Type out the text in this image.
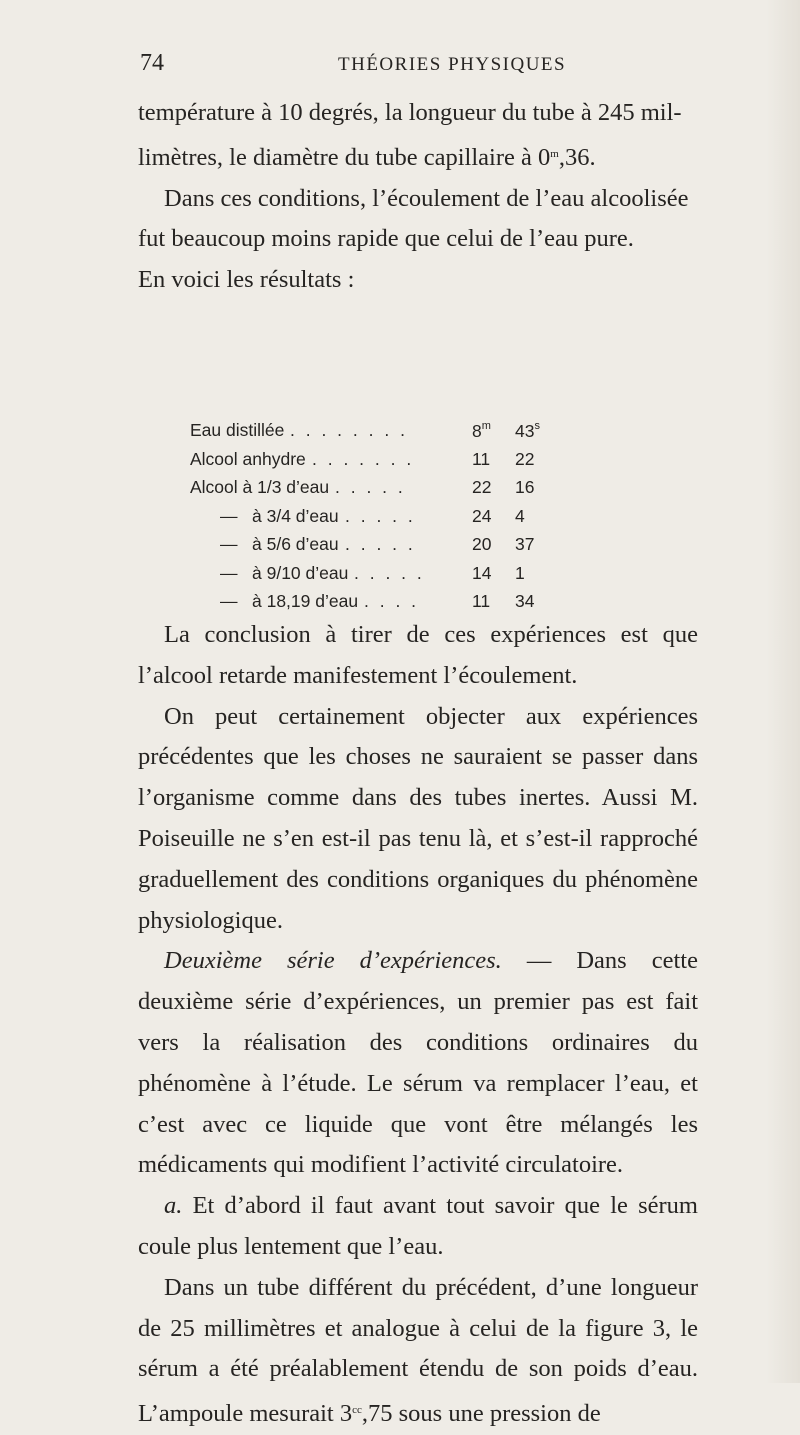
74	THÉORIES PHYSIQUES

température à 10 degrés, la longueur du tube à 245 mil-

limètres, le diamètre du tube capillaire à 0$^m$,36.

Dans ces conditions, l’écoulement de l’eau alcoolisée

fut beaucoup moins rapide que celui de l’eau pure.

En voici les résultats :

Eau distillée . . . . . . . .	8$^m$	43$^s$
Alcool anhydre . . . . . . .	11	22
Alcool à 1/3 d’eau . . . . .	22	16
— à 3/4 d’eau . . . . .	24	4
— à 5/6 d’eau . . . . .	20	37
— à 9/10 d’eau . . . . .	14	1
— à 18,19 d’eau . . . .	11	34

La conclusion à tirer de ces expériences est que l’alcool retarde manifestement l’écoulement.

On peut certainement objecter aux expériences précédentes que les choses ne sauraient se passer dans l’organisme comme dans des tubes inertes. Aussi M. Poiseuille ne s’en est-il pas tenu là, et s’est-il rapproché graduellement des conditions organiques du phénomène physiologique.

Deuxième série d’expériences. — Dans cette deuxième série d’expériences, un premier pas est fait vers la réalisation des conditions ordinaires du phénomène à l’étude. Le sérum va remplacer l’eau, et c’est avec ce liquide que vont être mélangés les médicaments qui modifient l’activité circulatoire.

a. Et d’abord il faut avant tout savoir que le sérum coule plus lentement que l’eau.

Dans un tube différent du précédent, d’une longueur de 25 millimètres et analogue à celui de la figure 3, le sérum a été préalablement étendu de son poids d’eau. L’ampoule mesurait $3^{cc},75$ sous une pression de
